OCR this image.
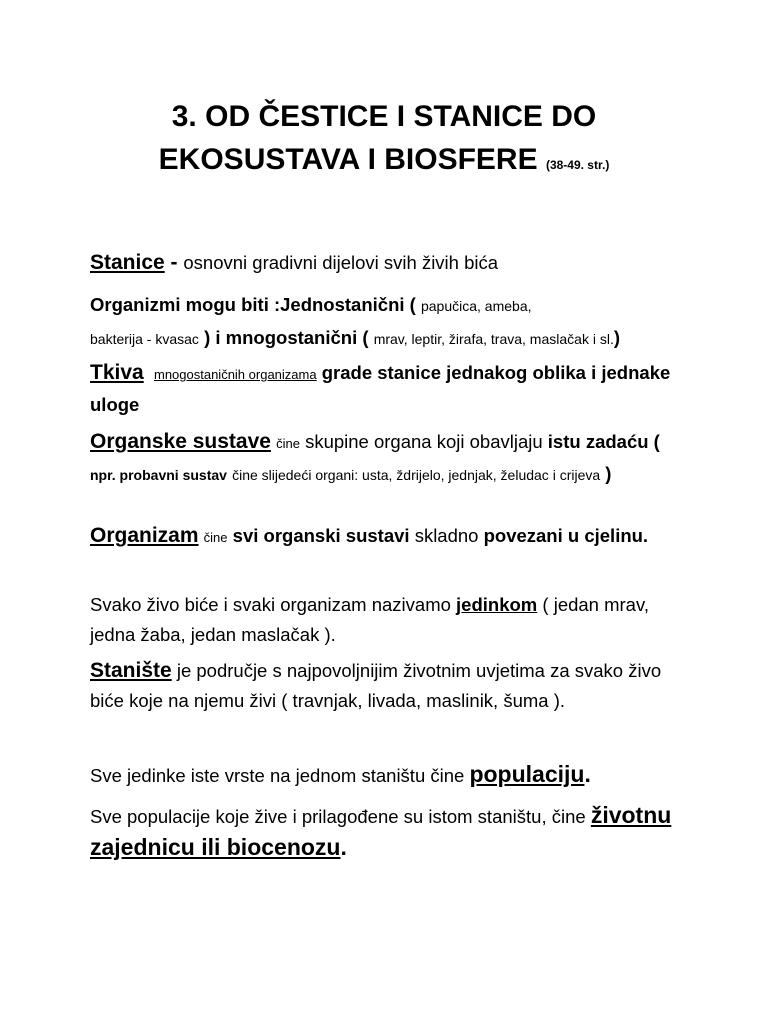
3. OD ČESTICE I STANICE DO
EKOSUSTAVA I BIOSFERE (38-49. str.)
Stanice - osnovni gradivni dijelovi svih živih bića
Organizmi mogu biti :Jednostanični ( papučica, ameba,
bakterija - kvasac ) i mnogostanični ( mrav, leptir, žirafa, trava, maslačak i sl.)
Tkiva mnogostaničnih organizama grade stanice jednakog oblika i jednake uloge
Organske sustave čine skupine organa koji obavljaju istu zadaću ( npr. probavni sustav čine slijedeći organi: usta, ždrijelo, jednjak, želudac i crijeva )
Organizam čine svi organski sustavi skladno povezani u cjelinu.
Svako živo biće i svaki organizam nazivamo jedinkom ( jedan mrav, jedna žaba, jedan maslačak ).
Stanište je područje s najpovoljnijim životnim uvjetima za svako živo biće koje na njemu živi ( travnjak, livada, maslinik, šuma ).
Sve jedinke iste vrste na jednom staništu čine populaciju.
Sve populacije koje žive i prilagođene su istom staništu, čine životnu zajednicu ili biocenozu.
